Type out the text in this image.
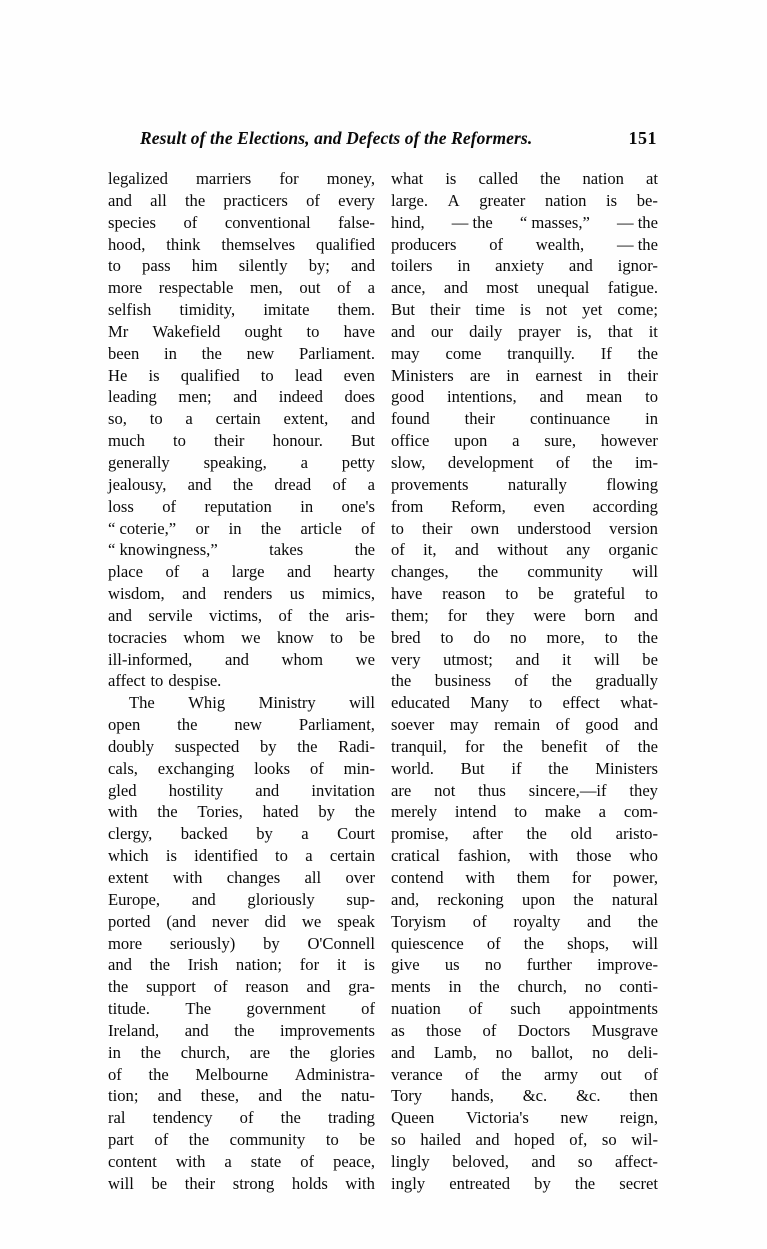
Result of the Elections, and Defects of the Reformers.	151
legalized marriers for money,
and all the practicers of every
species of conventional false-
hood, think themselves qualified
to pass him silently by; and
more respectable men, out of a
selfish timidity, imitate them.
Mr Wakefield ought to have
been in the new Parliament.
He is qualified to lead even
leading men; and indeed does
so, to a certain extent, and
much to their honour. But
generally speaking, a petty
jealousy, and the dread of a
loss of reputation in one's
“ coterie,” or in the article of
“ knowingness,”	takes	the
place of a large and hearty
wisdom, and renders us mimics,
and servile victims, of the aris-
tocracies whom we know to be
ill-informed, and whom we
affect to despise.
The Whig Ministry will
open the new Parliament,
doubly suspected by the Radi-
cals, exchanging looks of min-
gled hostility and invitation
with the Tories, hated by the
clergy, backed by a Court
which is identified to a certain
extent with changes all over
Europe, and gloriously sup-
ported (and never did we speak
more seriously) by O'Connell
and the Irish nation; for it is
the support of reason and gra-
titude. The government of
Ireland, and the improvements
in the church, are the glories
of the Melbourne Administra-
tion; and these, and the natu-
ral tendency of the trading
part of the community to be
content with a state of peace,
will be their strong holds with
what is called the nation at
large. A greater nation is be-
hind, — the “ masses,” — the
producers of wealth, — the
toilers in anxiety and ignor-
ance, and most unequal fatigue.
But their time is not yet come;
and our daily prayer is, that it
may come tranquilly. If the
Ministers are in earnest in their
good intentions, and mean to
found their continuance in
office upon a sure, however
slow, development of the im-
provements naturally flowing
from Reform, even according
to their own understood version
of it, and without any organic
changes, the community will
have reason to be grateful to
them; for they were born and
bred to do no more, to the
very utmost; and it will be
the business of the gradually
educated Many to effect what-
soever may remain of good and
tranquil, for the benefit of the
world. But if the Ministers
are not thus sincere,—if they
merely intend to make a com-
promise, after the old aristo-
cratical fashion, with those who
contend with them for power,
and, reckoning upon the natural
Toryism of royalty and the
quiescence of the shops, will
give us no further improve-
ments in the church, no conti-
nuation of such appointments
as those of Doctors Musgrave
and Lamb, no ballot, no deli-
verance of the army out of
Tory hands, &c. &c. then
Queen Victoria's new reign,
so hailed and hoped of, so wil-
lingly beloved, and so affect-
ingly entreated by the secret
